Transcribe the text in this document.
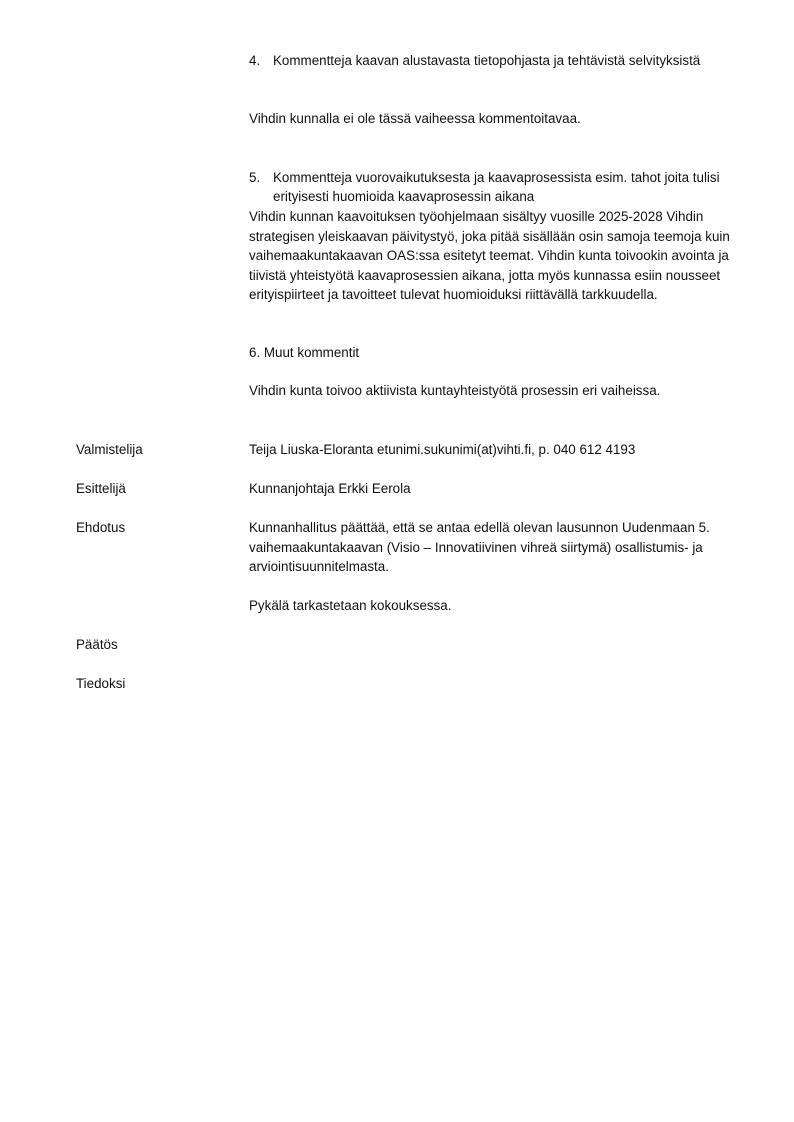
4. Kommentteja kaavan alustavasta tietopohjasta ja tehtävistä selvityksistä

Vihdin kunnalla ei ole tässä vaiheessa kommentoitavaa.

5. Kommentteja vuorovaikutuksesta ja kaavaprosessista esim. tahot joita tulisi erityisesti huomioida kaavaprosessin aikana

Vihdin kunnan kaavoituksen työohjelmaan sisältyy vuosille 2025-2028 Vihdin strategisen yleiskaavan päivitystyö, joka pitää sisällään osin samoja teemoja kuin vaihemaakuntakaavan OAS:ssa esitetyt teemat. Vihdin kunta toivookin avointa ja tiivistä yhteistyötä kaavaprosessien aikana, jotta myös kunnassa esiin nousseet erityispiirteet ja tavoitteet tulevat huomioiduksi riittävällä tarkkuudella.

6. Muut kommentit

Vihdin kunta toivoo aktiivista kuntayhteistyötä prosessin eri vaiheissa.

Valmistelija	Teija Liuska-Eloranta etunimi.sukunimi(at)vihti.fi, p. 040 612 4193

Esittelijä	Kunnanjohtaja Erkki Eerola

Ehdotus	Kunnanhallitus päättää, että se antaa edellä olevan lausunnon Uudenmaan 5. vaihemaakuntakaavan (Visio – Innovatiivinen vihreä siirtymä) osallistumis- ja arviointisuunnitelmasta.

Pykälä tarkastetaan kokouksessa.

Päätös

Tiedoksi
